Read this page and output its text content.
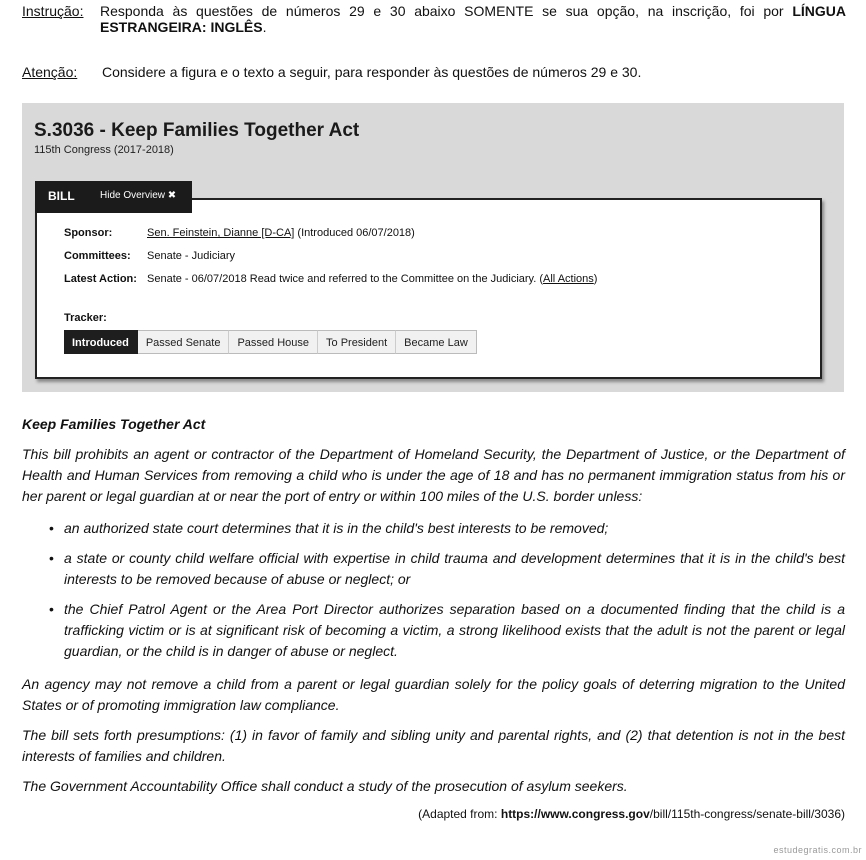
Instrução: Responda às questões de números 29 e 30 abaixo SOMENTE se sua opção, na inscrição, foi por LÍNGUA ESTRANGEIRA: INGLÊS.
Atenção: Considere a figura e o texto a seguir, para responder às questões de números 29 e 30.
S.3036 - Keep Families Together Act
115th Congress (2017-2018)
Sponsor:	Sen. Feinstein, Dianne [D-CA] (Introduced 06/07/2018)
Committees: Senate - Judiciary
Latest Action: Senate - 06/07/2018 Read twice and referred to the Committee on the Judiciary. (All Actions)
Tracker:
Introduced	Passed Senate	Passed House	To President	Became Law
BILL	Hide Overview ✖
Keep Families Together Act
This bill prohibits an agent or contractor of the Department of Homeland Security, the Department of Justice, or the Department of Health and Human Services from removing a child who is under the age of 18 and has no permanent immigration status from his or her parent or legal guardian at or near the port of entry or within 100 miles of the U.S. border unless:
• an authorized state court determines that it is in the child's best interests to be removed;
• a state or county child welfare official with expertise in child trauma and development determines that it is in the child's best interests to be removed because of abuse or neglect; or
• the Chief Patrol Agent or the Area Port Director authorizes separation based on a documented finding that the child is a trafficking victim or is at significant risk of becoming a victim, a strong likelihood exists that the adult is not the parent or legal guardian, or the child is in danger of abuse or neglect.
An agency may not remove a child from a parent or legal guardian solely for the policy goals of deterring migration to the United States or of promoting immigration law compliance.
The bill sets forth presumptions: (1) in favor of family and sibling unity and parental rights, and (2) that detention is not in the best interests of families and children.
The Government Accountability Office shall conduct a study of the prosecution of asylum seekers.
(Adapted from: https://www.congress.gov/bill/115th-congress/senate-bill/3036)
estudegratis.com.br
